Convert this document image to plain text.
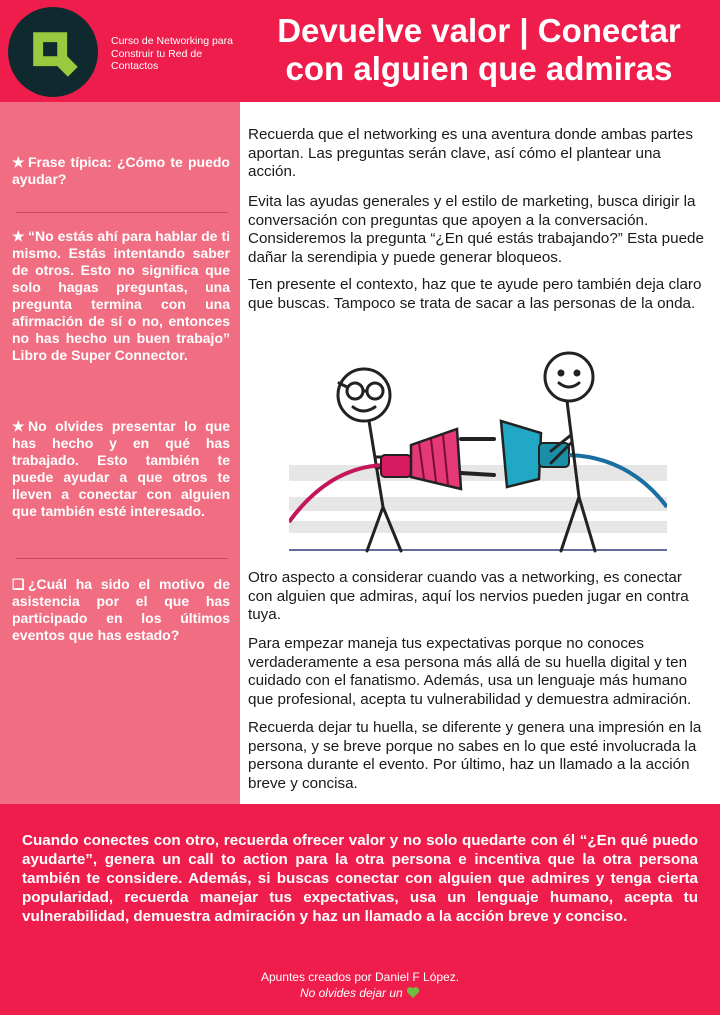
Curso de Networking para Construir tu Red de Contactos
Devuelve valor | Conectar con alguien que admiras
★ Frase típica: ¿Cómo te puedo ayudar?
★ “No estás ahí para hablar de ti mismo. Estás intentando saber de otros. Esto no significa que solo hagas preguntas, una pregunta termina con una afirmación de sí o no, entonces no has hecho un buen trabajo” Libro de Super Connector.
★ No olvides presentar lo que has hecho y en qué has trabajado. Esto también te puede ayudar a que otros te lleven a conectar con alguien que también esté interesado.
❏ ¿Cuál ha sido el motivo de asistencia por el que has participado en los últimos eventos que has estado?

Recuerda que el networking es una aventura donde ambas partes aportan. Las preguntas serán clave, así cómo el plantear una acción.

Evita las ayudas generales y el estilo de marketing, busca dirigir la conversación con preguntas que apoyen a la conversación. Consideremos la pregunta “¿En qué estás trabajando?” Esta puede dañar la serendipia y puede generar bloqueos.

Ten presente el contexto, haz que te ayude pero también deja claro que buscas. Tampoco se trata de sacar a las personas de la onda.

Otro aspecto a considerar cuando vas a networking, es conectar con alguien que admiras, aquí los nervios pueden jugar en contra tuya.

Para empezar maneja tus expectativas porque no conoces verdaderamente a esa persona más allá de su huella digital y ten cuidado con el fanatismo. Además, usa un lenguaje más humano que profesional, acepta tu vulnerabilidad y demuestra admiración.

Recuerda dejar tu huella, se diferente y genera una impresión en la persona, y se breve porque no sabes en lo que esté involucrada la persona durante el evento. Por último, haz un llamado a la acción breve y concisa.

Cuando conectes con otro, recuerda ofrecer valor y no solo quedarte con él “¿En qué puedo ayudarte”, genera un call to action para la otra persona e incentiva que la otra persona también te considere. Además, si buscas conectar con alguien que admires y tenga cierta popularidad, recuerda manejar tus expectativas, usa un lenguaje humano, acepta tu vulnerabilidad, demuestra admiración y haz un llamado a la acción breve y conciso.

Apuntes creados por Daniel F López.
No olvides dejar un
